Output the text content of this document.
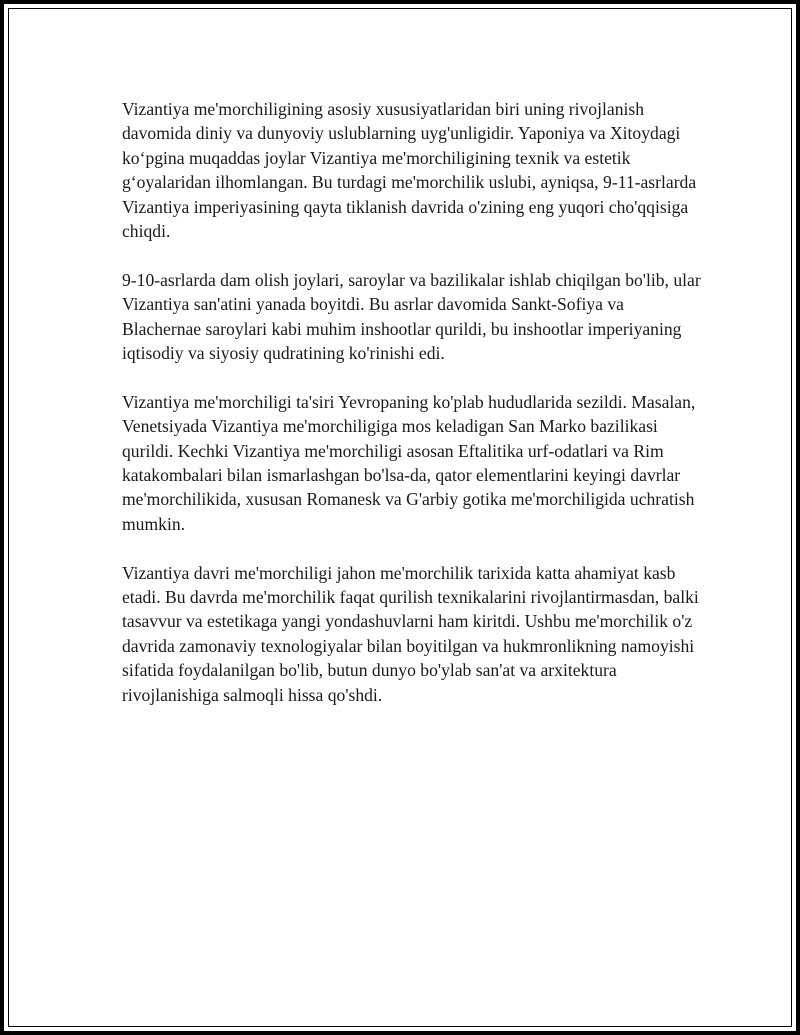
Vizantiya me'morchiligining asosiy xususiyatlaridan biri uning rivojlanish davomida diniy va dunyoviy uslublarning uyg'unligidir. Yaponiya va Xitoydagi ko‘pgina muqaddas joylar Vizantiya me'morchiligining texnik va estetik g‘oyalaridan ilhomlangan. Bu turdagi me'morchilik uslubi, ayniqsa, 9-11-asrlarda Vizantiya imperiyasining qayta tiklanish davrida o'zining eng yuqori cho'qqisiga chiqdi.

9-10-asrlarda dam olish joylari, saroylar va bazilikalar ishlab chiqilgan bo'lib, ular Vizantiya san'atini yanada boyitdi. Bu asrlar davomida Sankt-Sofiya va Blachernae saroylari kabi muhim inshootlar qurildi, bu inshootlar imperiyaning iqtisodiy va siyosiy qudratining ko'rinishi edi.

Vizantiya me'morchiligi ta'siri Yevropaning ko'plab hududlarida sezildi. Masalan, Venetsiyada Vizantiya me'morchiligiga mos keladigan San Marko bazilikasi qurildi. Kechki Vizantiya me'morchiligi asosan Eftalitika urf-odatlari va Rim katakombalari bilan ismarlashgan bo'lsa-da, qator elementlarini keyingi davrlar me'morchilikida, xususan Romanesk va G'arbiy gotika me'morchiligida uchratish mumkin.

Vizantiya davri me'morchiligi jahon me'morchilik tarixida katta ahamiyat kasb etadi. Bu davrda me'morchilik faqat qurilish texnikalarini rivojlantirmasdan, balki tasavvur va estetikaga yangi yondashuvlarni ham kiritdi. Ushbu me'morchilik o'z davrida zamonaviy texnologiyalar bilan boyitilgan va hukmronlikning namoyishi sifatida foydalanilgan bo'lib, butun dunyo bo'ylab san'at va arxitektura rivojlanishiga salmoqli hissa qo'shdi.
